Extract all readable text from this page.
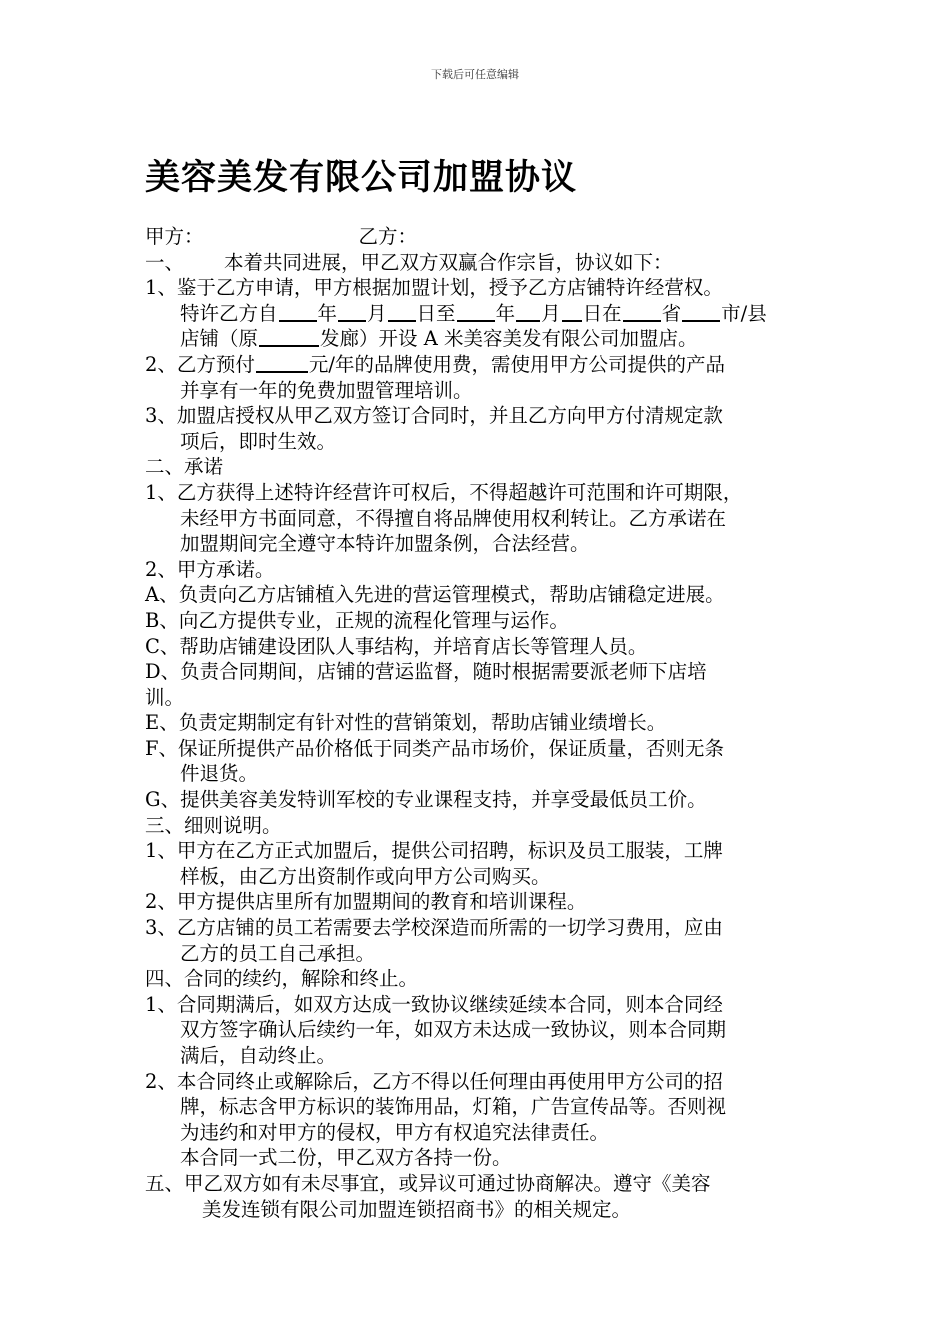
下载后可任意编辑
美容美发有限公司加盟协议
甲方：	乙方：
一、 本着共同进展，甲乙双方双赢合作宗旨，协议如下：
1、鉴于乙方申请，甲方根据加盟计划，授予乙方店铺特许经营权。
特许乙方自 年 月 日至 年 月 日在 省 市/县
店铺（原	发廊）开设 A 米美容美发有限公司加盟店。
2、乙方预付	元/年的品牌使用费，需使用甲方公司提供的产品
并享有一年的免费加盟管理培训。
3、加盟店授权从甲乙双方签订合同时，并且乙方向甲方付清规定款
项后，即时生效。
二、承诺
1、乙方获得上述特许经营许可权后，不得超越许可范围和许可期限，
未经甲方书面同意，不得擅自将品牌使用权利转让。乙方承诺在
加盟期间完全遵守本特许加盟条例，合法经营。
2、甲方承诺。
A、负责向乙方店铺植入先进的营运管理模式，帮助店铺稳定进展。
B、向乙方提供专业，正规的流程化管理与运作。
C、帮助店铺建设团队人事结构，并培育店长等管理人员。
D、负责合同期间，店铺的营运监督，随时根据需要派老师下店培
训。
E、负责定期制定有针对性的营销策划，帮助店铺业绩增长。
F、保证所提供产品价格低于同类产品市场价，保证质量，否则无条
件退货。
G、提供美容美发特训军校的专业课程支持，并享受最低员工价。
三、细则说明。
1、甲方在乙方正式加盟后，提供公司招聘，标识及员工服装，工牌
样板，由乙方出资制作或向甲方公司购买。
2、甲方提供店里所有加盟期间的教育和培训课程。
3、乙方店铺的员工若需要去学校深造而所需的一切学习费用，应由
乙方的员工自己承担。
四、合同的续约，解除和终止。
1、合同期满后，如双方达成一致协议继续延续本合同，则本合同经
双方签字确认后续约一年，如双方未达成一致协议，则本合同期
满后，自动终止。
2、本合同终止或解除后，乙方不得以任何理由再使用甲方公司的招
牌，标志含甲方标识的装饰用品，灯箱，广告宣传品等。否则视
为违约和对甲方的侵权，甲方有权追究法律责任。
本合同一式二份，甲乙双方各持一份。
五、甲乙双方如有未尽事宜，或异议可通过协商解决。遵守《美容
美发连锁有限公司加盟连锁招商书》的相关规定。
